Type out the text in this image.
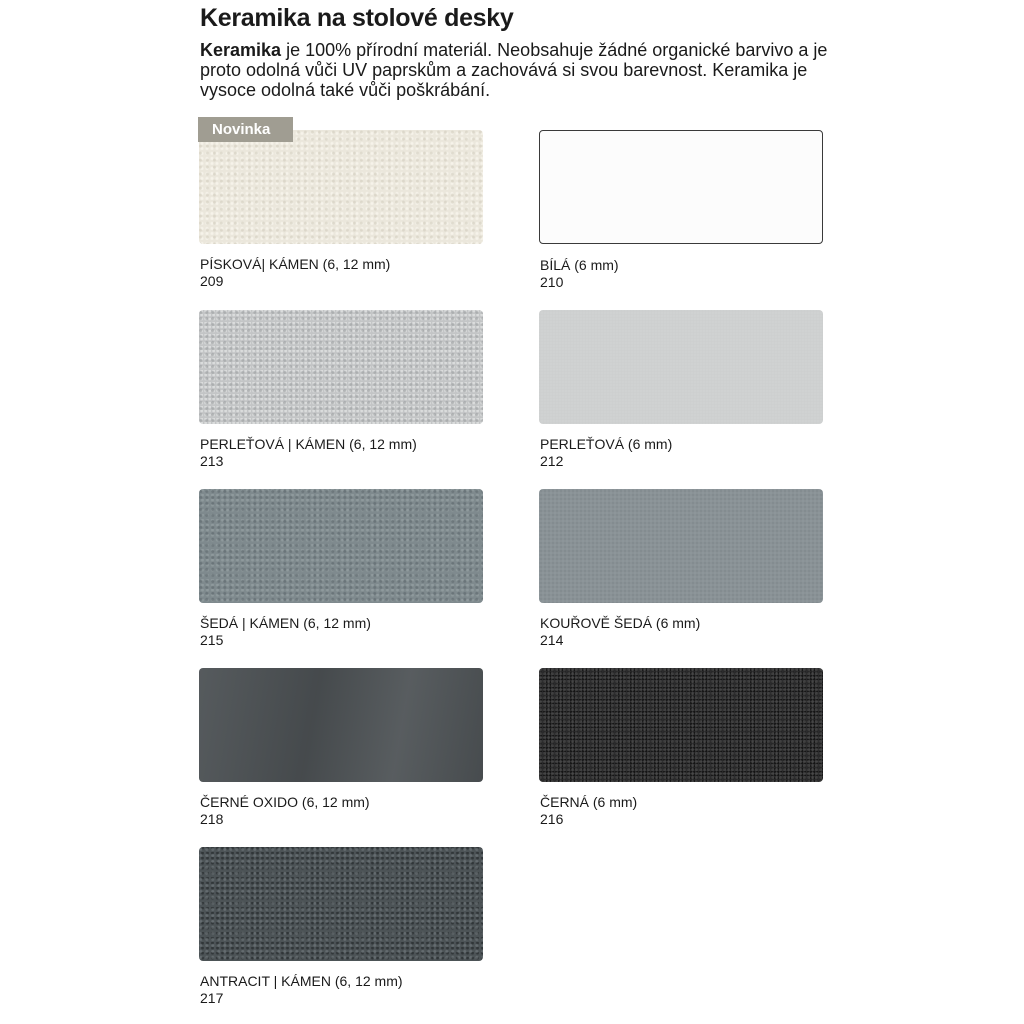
Keramika na stolové desky
Keramika je 100% přírodní materiál. Neobsahuje žádné organické barvivo a je proto odolná vůči UV paprskům a zachovává si svou barevnost. Keramika je vysoce odolná také vůči poškrábání.
Novinka
PÍSKOVÁ| KÁMEN (6, 12 mm)
209
BÍLÁ (6 mm)
210
PERLEŤOVÁ | KÁMEN (6, 12 mm)
213
PERLEŤOVÁ (6 mm)
212
ŠEDÁ | KÁMEN (6, 12 mm)
215
KOUŘOVĚ ŠEDÁ (6 mm)
214
ČERNÉ OXIDO (6, 12 mm)
218
ČERNÁ (6 mm)
216
ANTRACIT | KÁMEN (6, 12 mm)
217
